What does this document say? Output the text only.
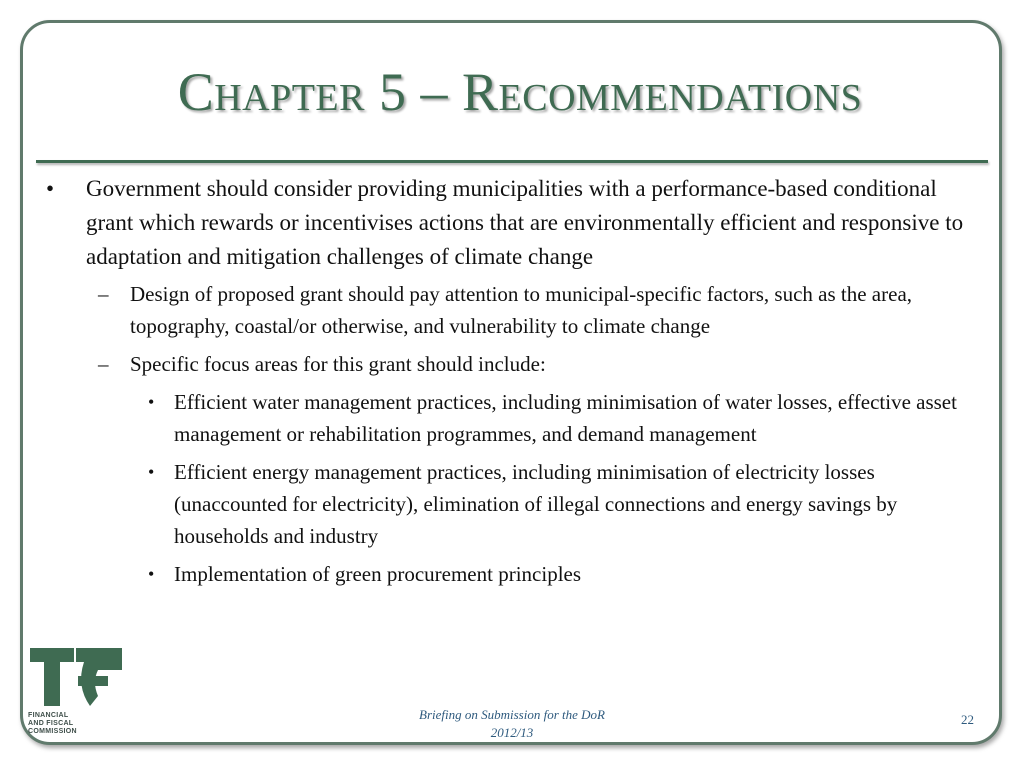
Chapter 5 – Recommendations
• Government should consider providing municipalities with a performance-based conditional grant which rewards or incentivises actions that are environmentally efficient and responsive to adaptation and mitigation challenges of climate change
– Design of proposed grant should pay attention to municipal-specific factors, such as the area, topography, coastal/or otherwise, and vulnerability to climate change
– Specific focus areas for this grant should include:
• Efficient water management practices, including minimisation of water losses, effective asset management or rehabilitation programmes, and demand management
• Efficient energy management practices, including minimisation of electricity losses (unaccounted for electricity), elimination of illegal connections and energy savings by households and industry
• Implementation of green procurement principles
FINANCIAL
AND FISCAL
COMMISSION
Briefing on Submission for the DoR
2012/13
22
